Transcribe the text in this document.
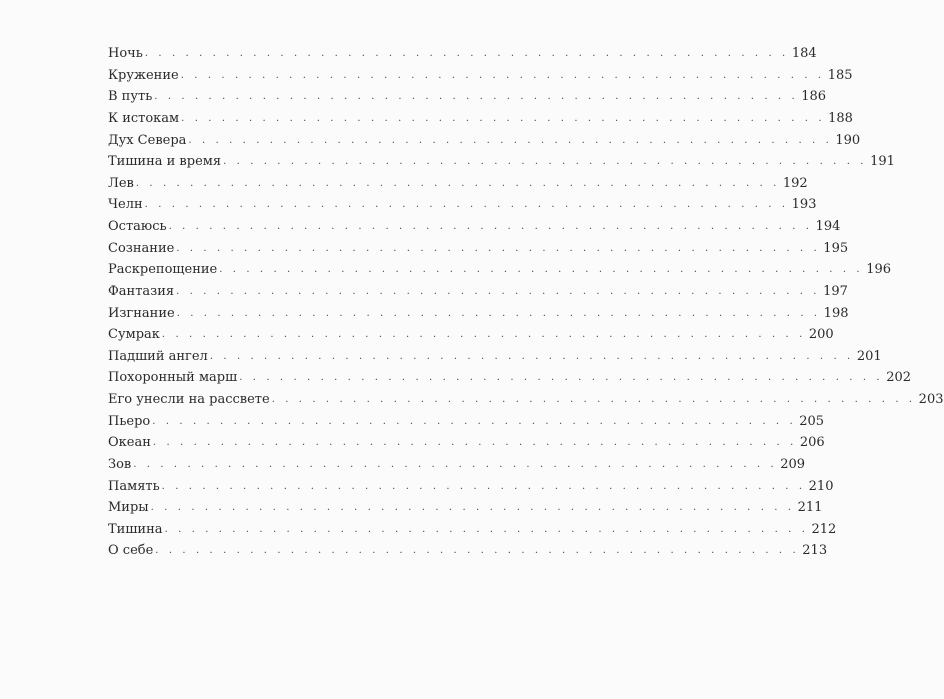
Ночь . . . . . . . . . . . . . . . . . . . . . . . . . . . . . . . . . . . . . . . . . . . . . . . . 184
Кружение . . . . . . . . . . . . . . . . . . . . . . . . . . . . . . . . . . . . . . . . . . . . . . . . 185
В путь . . . . . . . . . . . . . . . . . . . . . . . . . . . . . . . . . . . . . . . . . . . . . . . . 186
К истокам . . . . . . . . . . . . . . . . . . . . . . . . . . . . . . . . . . . . . . . . . . . . . . . . 188
Дух Севера . . . . . . . . . . . . . . . . . . . . . . . . . . . . . . . . . . . . . . . . . . . . . . . . 190
Тишина и время . . . . . . . . . . . . . . . . . . . . . . . . . . . . . . . . . . . . . . . . . . . . . . . . 191
Лев . . . . . . . . . . . . . . . . . . . . . . . . . . . . . . . . . . . . . . . . . . . . . . . . 192
Челн . . . . . . . . . . . . . . . . . . . . . . . . . . . . . . . . . . . . . . . . . . . . . . . . 193
Остаюсь . . . . . . . . . . . . . . . . . . . . . . . . . . . . . . . . . . . . . . . . . . . . . . . . 194
Сознание . . . . . . . . . . . . . . . . . . . . . . . . . . . . . . . . . . . . . . . . . . . . . . . . 195
Раскрепощение . . . . . . . . . . . . . . . . . . . . . . . . . . . . . . . . . . . . . . . . . . . . . . . . 196
Фантазия . . . . . . . . . . . . . . . . . . . . . . . . . . . . . . . . . . . . . . . . . . . . . . . . 197
Изгнание . . . . . . . . . . . . . . . . . . . . . . . . . . . . . . . . . . . . . . . . . . . . . . . . 198
Сумрак . . . . . . . . . . . . . . . . . . . . . . . . . . . . . . . . . . . . . . . . . . . . . . . . 200
Падший ангел . . . . . . . . . . . . . . . . . . . . . . . . . . . . . . . . . . . . . . . . . . . . . . . . 201
Похоронный марш . . . . . . . . . . . . . . . . . . . . . . . . . . . . . . . . . . . . . . . . . . . . . . . . 202
Его унесли на рассвете . . . . . . . . . . . . . . . . . . . . . . . . . . . . . . . . . . . . . . . . . . . . . . . . 203
Пьеро . . . . . . . . . . . . . . . . . . . . . . . . . . . . . . . . . . . . . . . . . . . . . . . . 205
Океан . . . . . . . . . . . . . . . . . . . . . . . . . . . . . . . . . . . . . . . . . . . . . . . . 206
Зов . . . . . . . . . . . . . . . . . . . . . . . . . . . . . . . . . . . . . . . . . . . . . . . . 209
Память . . . . . . . . . . . . . . . . . . . . . . . . . . . . . . . . . . . . . . . . . . . . . . . . 210
Миры . . . . . . . . . . . . . . . . . . . . . . . . . . . . . . . . . . . . . . . . . . . . . . . . 211
Тишина . . . . . . . . . . . . . . . . . . . . . . . . . . . . . . . . . . . . . . . . . . . . . . . . 212
О себе . . . . . . . . . . . . . . . . . . . . . . . . . . . . . . . . . . . . . . . . . . . . . . . . 213
